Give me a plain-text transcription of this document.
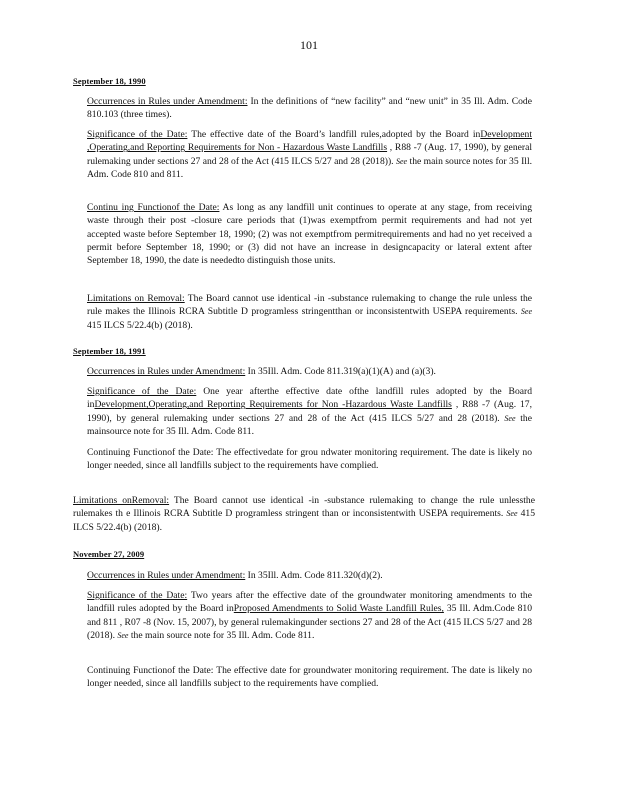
101
September 18, 1990

Occurrences in Rules under Amendment: In the definitions of “new facility” and “new unit” in 35 Ill. Adm. Code 810.103 (three times).

Significance of the Date: The effective date of the Board’s landfill rules,adopted by the Board inDevelopment ,Operating,and Reporting Requirements for Non - Hazardous Waste Landfills , R88 -7 (Aug. 17, 1990), by general rulemaking under sections 27 and 28 of the Act (415 ILCS 5/27 and 28 (2018)). See the main source notes for 35 Ill. Adm. Code 810 and 811.

Continu ing Functionof the Date: As long as any landfill unit continues to operate at any stage, from receiving waste through their post -closure care periods that (1)was exemptfrom permit requirements and had not yet accepted waste before September 18, 1990; (2) was not exemptfrom permitrequirements and had no yet received a permit before September 18, 1990; or (3) did not have an increase in designcapacity or lateral extent after September 18, 1990, the date is neededto distinguish those units.

Limitations on Removal: The Board cannot use identical -in -substance rulemaking to change the rule unless the rule makes the Illinois RCRA Subtitle D programless stringentthan or inconsistentwith USEPA requirements. See 415 ILCS 5/22.4(b) (2018).

September 18, 1991

Occurrences in Rules under Amendment: In 35Ill. Adm. Code 811.319(a)(1)(A) and (a)(3).

Significance of the Date: One year afterthe effective date ofthe landfill rules adopted by the Board inDevelopment,Operating,and Reporting Requirements for Non -Hazardous Waste Landfills , R88 -7 (Aug. 17, 1990), by general rulemaking under sections 27 and 28 of the Act (415 ILCS 5/27 and 28 (2018). See the mainsource note for 35 Ill. Adm. Code 811.

Continuing Functionof the Date: The effectivedate for grou ndwater monitoring requirement. The date is likely no longer needed, since all landfills subject to the requirements have complied.

Limitations onRemoval: The Board cannot use identical -in -substance rulemaking to change the rule unlessthe rulemakes th e Illinois RCRA Subtitle D programless stringent than or inconsistentwith USEPA requirements. See 415 ILCS 5/22.4(b) (2018).

November 27, 2009

Occurrences in Rules under Amendment: In 35Ill. Adm. Code 811.320(d)(2).

Significance of the Date: Two years after the effective date of the groundwater monitoring amendments to the landfill rules adopted by the Board inProposed Amendments to Solid Waste Landfill Rules, 35 Ill. Adm.Code 810 and 811 , R07 -8 (Nov. 15, 2007), by general rulemakingunder sections 27 and 28 of the Act (415 ILCS 5/27 and 28 (2018). See the main source note for 35 Ill. Adm. Code 811.

Continuing Functionof the Date: The effective date for groundwater monitoring requirement. The date is likely no longer needed, since all landfills subject to the requirements have complied.
